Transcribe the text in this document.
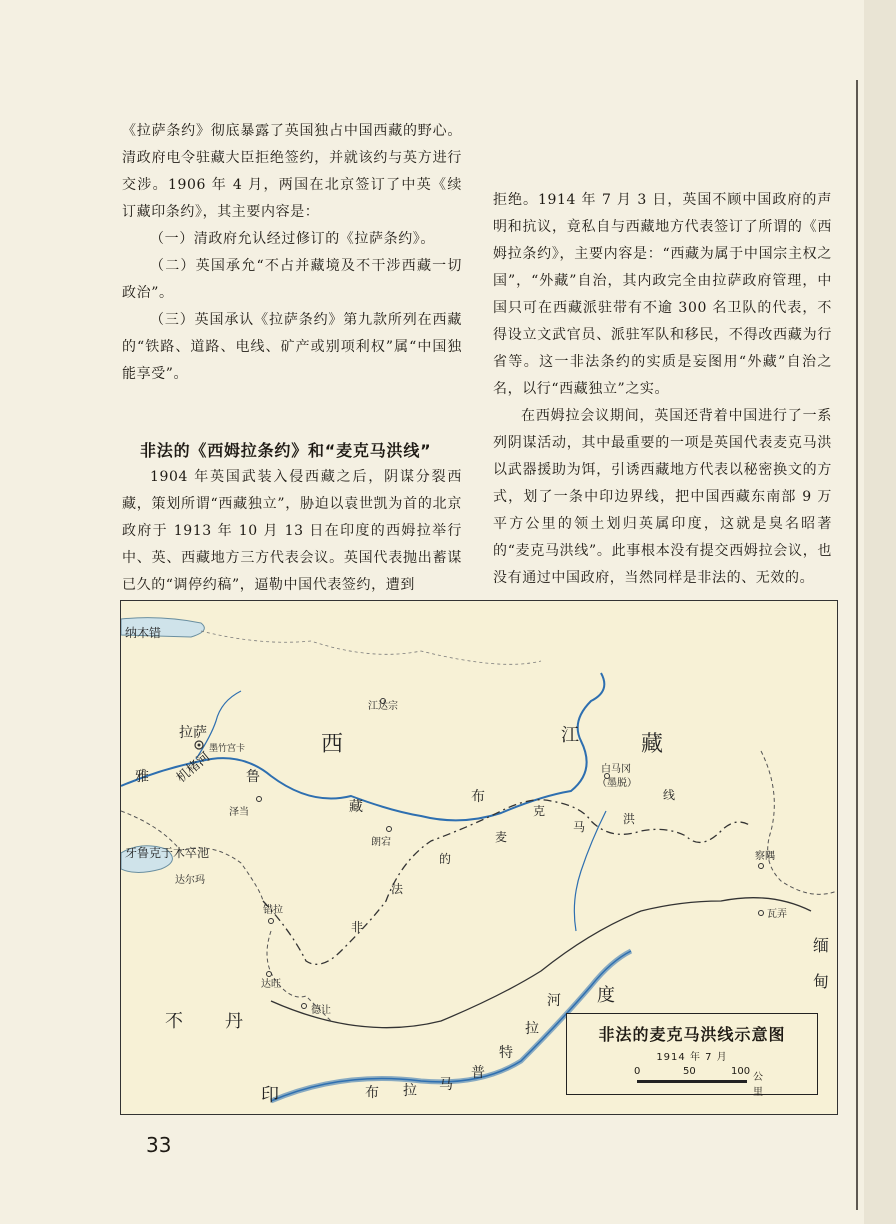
《拉萨条约》彻底暴露了英国独占中国西藏的野心。清政府电令驻藏大臣拒绝签约，并就该约与英方进行交涉。1906 年 4 月，两国在北京签订了中英《续订藏印条约》，其主要内容是：

（一）清政府允认经过修订的《拉萨条约》。

（二）英国承允“不占并藏境及不干涉西藏一切政治”。

（三）英国承认《拉萨条约》第九款所列在西藏的“铁路、道路、电线、矿产或别项利权”属“中国独能享受”。

非法的《西姆拉条约》和“麦克马洪线”

1904 年英国武装入侵西藏之后，阴谋分裂西藏，策划所谓“西藏独立”，胁迫以袁世凯为首的北京政府于 1913 年 10 月 13 日在印度的西姆拉举行中、英、西藏地方三方代表会议。英国代表抛出蓄谋已久的“调停约稿”，逼勒中国代表签约，遭到

拒绝。1914 年 7 月 3 日，英国不顾中国政府的声明和抗议，竟私自与西藏地方代表签订了所谓的《西姆拉条约》，主要内容是：“西藏为属于中国宗主权之国”，“外藏”自治，其内政完全由拉萨政府管理，中国只可在西藏派驻带有不逾 300 名卫队的代表，不得设立文武官员、派驻军队和移民，不得改西藏为行省等。这一非法条约的实质是妄图用“外藏”自治之名，以行“西藏独立”之实。

在西姆拉会议期间，英国还背着中国进行了一系列阴谋活动，其中最重要的一项是英国代表麦克马洪以武器援助为饵，引诱西藏地方代表以秘密换文的方式，划了一条中印边界线，把中国西藏东南部 9 万平方公里的领土划归英属印度，这就是臭名昭著的“麦克马洪线”。此事根本没有提交西姆拉会议，也没有通过中国政府，当然同样是非法的、无效的。

纳木错
江达宗
拉萨
墨竹宫卡	西	藏
江
雅	鲁
藏
布
机楮河
泽当
朗宕
白马冈
（墨脱）
非
法
的
麦
克
马
洪
线
牙鲁克于木卒池
达尔玛
错拉
达旺
德让
察隅
瓦弄
不 丹
印
度
缅
甸
布 拉 马
普
特
拉
河
非法的麦克马洪线示意图
1914 年 7 月
0	50	100
公里
33
